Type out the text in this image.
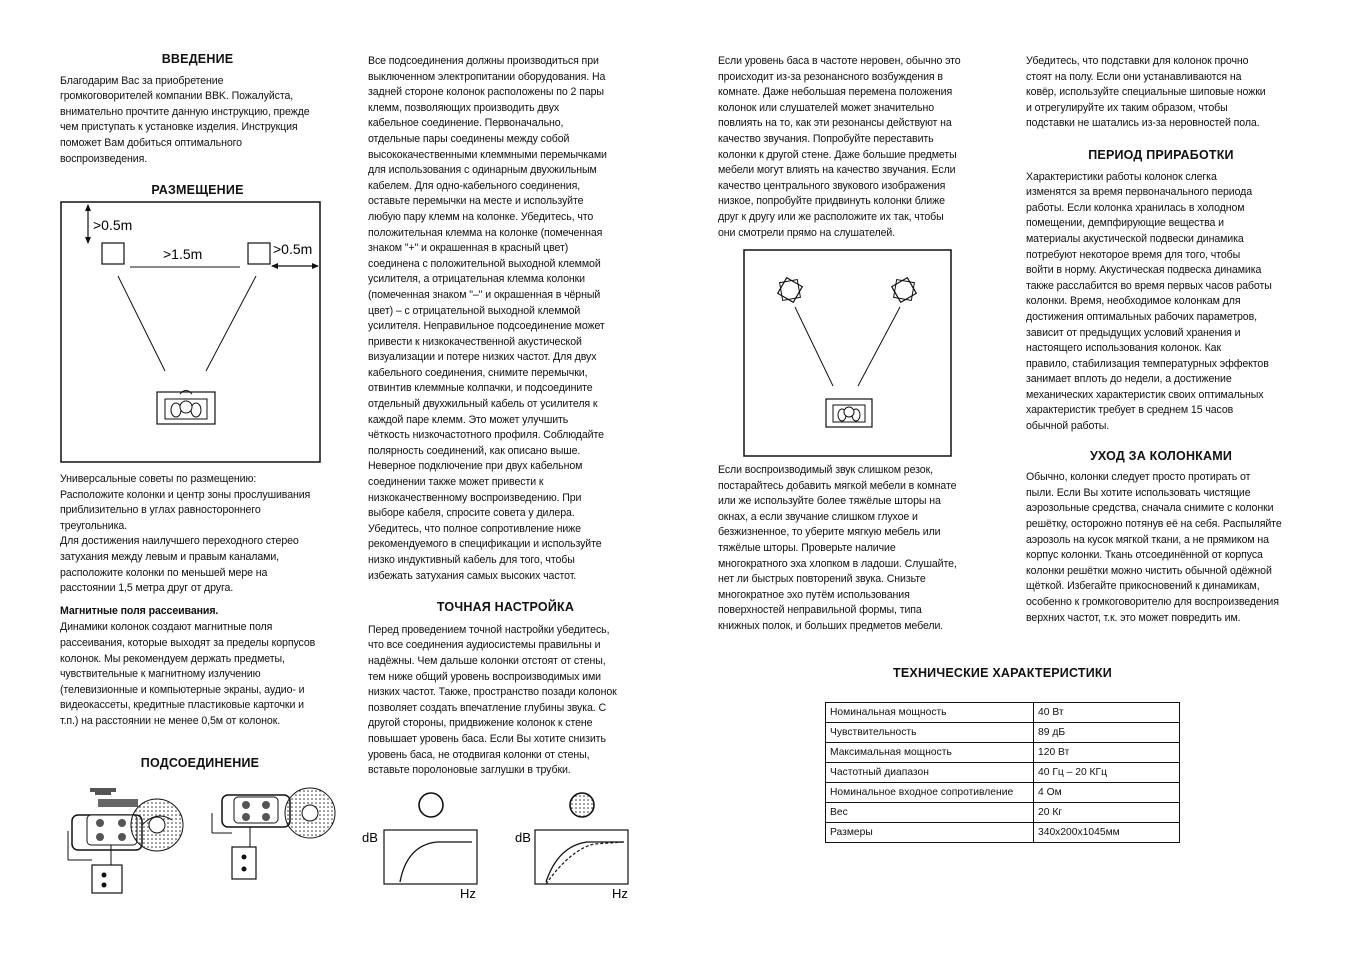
ВВЕДЕНИЕ

Благодарим Вас за приобретение
громкоговорителей компании BBK. Пожалуйста,
внимательно прочтите данную инструкцию, прежде
чем приступать к установке изделия. Инструкция
поможет Вам добиться оптимального
воспроизведения.

РАЗМЕЩЕНИЕ
>0.5m
>1.5m	>0.5m

Универсальные советы по размещению:
Расположите колонки и центр зоны прослушивания
приблизительно в углах равностороннего
треугольника.
Для достижения наилучшего переходного стерео
затухания между левым и правым каналами,
расположите колонки по меньшей мере на
расстоянии 1,5 метра друг от друга.

Магнитные поля рассеивания.

Динамики колонок создают магнитные поля
рассеивания, которые выходят за пределы корпусов
колонок. Мы рекомендуем держать предметы,
чувствительные к магнитному излучению
(телевизионные и компьютерные экраны, аудио- и
видеокассеты, кредитные пластиковые карточки и
т.п.) на расстоянии не менее 0,5м от колонок.

ПОДСОЕДИНЕНИЕ

Все подсоединения должны производиться при
выключенном электропитании оборудования. На
задней стороне колонок расположены по 2 пары
клемм, позволяющих производить двух
кабельное соединение. Первоначально,
отдельные пары соединены между собой
высококачественными клеммными перемычками
для использования с одинарным двухжильным
кабелем. Для одно-кабельного соединения,
оставьте перемычки на месте и используйте
любую пару клемм на колонке. Убедитесь, что
положительная клемма на колонке (помеченная
знаком "+" и окрашенная в красный цвет)
соединена с положительной выходной клеммой
усилителя, а отрицательная клемма колонки
(помеченная знаком "–" и окрашенная в чёрный
цвет) – с отрицательной выходной клеммой
усилителя. Неправильное подсоединение может
привести к низкокачественной акустической
визуализации и потере низких частот. Для двух
кабельного соединения, снимите перемычки,
отвинтив клеммные колпачки, и подсоедините
отдельный двухжильный кабель от усилителя к
каждой паре клемм. Это может улучшить
чёткость низкочастотного профиля. Соблюдайте
полярность соединений, как описано выше.
Неверное подключение при двух кабельном
соединении также может привести к
низкокачественному воспроизведению. При
выборе кабеля, спросите совета у дилера.
Убедитесь, что полное сопротивление ниже
рекомендуемого в спецификации и используйте
низко индуктивный кабель для того, чтобы
избежать затухания самых высоких частот.

ТОЧНАЯ НАСТРОЙКА

Перед проведением точной настройки убедитесь,
что все соединения аудиосистемы правильны и
надёжны. Чем дальше колонки отстоят от стены,
тем ниже общий уровень воспроизводимых ими
низких частот. Также, пространство позади колонок
позволяет создать впечатление глубины звука. С
другой стороны, придвижение колонок к стене
повышает уровень баса. Если Вы хотите снизить
уровень баса, не отодвигая колонки от стены,
вставьте поролоновые заглушки в трубки.

dB
Hz
dB
Hz

Если уровень баса в частоте неровен, обычно это
происходит из-за резонансного возбуждения в
комнате. Даже небольшая перемена положения
колонок или слушателей может значительно
повлиять на то, как эти резонансы действуют на
качество звучания. Попробуйте переставить
колонки к другой стене. Даже большие предметы
мебели могут влиять на качество звучания. Если
качество центрального звукового изображения
низкое, попробуйте придвинуть колонки ближе
друг к другу или же расположите их так, чтобы
они смотрели прямо на слушателей.

Если воспроизводимый звук слишком резок,
постарайтесь добавить мягкой мебели в комнате
или же используйте более тяжёлые шторы на
окнах, а если звучание слишком глухое и
безжизненное, то уберите мягкую мебель или
тяжёлые шторы. Проверьте наличие
многократного эха хлопком в ладоши. Слушайте,
нет ли быстрых повторений звука. Снизьте
многократное эхо путём использования
поверхностей неправильной формы, типа
книжных полок, и больших предметов мебели.

Убедитесь, что подставки для колонок прочно
стоят на полу. Если они устанавливаются на
ковёр, используйте специальные шиповые ножки
и отрегулируйте их таким образом, чтобы
подставки не шатались из-за неровностей пола.

ПЕРИОД ПРИРАБОТКИ

Характеристики работы колонок слегка
изменятся за время первоначального периода
работы. Если колонка хранилась в холодном
помещении, демпфирующие вещества и
материалы акустической подвески динамика
потребуют некоторое время для того, чтобы
войти в норму. Акустическая подвеска динамика
также расслабится во время первых часов работы
колонки. Время, необходимое колонкам для
достижения оптимальных рабочих параметров,
зависит от предыдущих условий хранения и
настоящего использования колонок. Как
правило, стабилизация температурных эффектов
занимает вплоть до недели, а достижение
механических характеристик своих оптимальных
характеристик требует в среднем 15 часов
обычной работы.

УХОД ЗА КОЛОНКАМИ

Обычно, колонки следует просто протирать от
пыли. Если Вы хотите использовать чистящие
аэрозольные средства, сначала снимите с колонки
решётку, осторожно потянув её на себя. Распыляйте
аэрозоль на кусок мягкой ткани, а не прямиком на
корпус колонки. Ткань отсоединённой от корпуса
колонки решётки можно чистить обычной одёжной
щёткой. Избегайте прикосновений к динамикам,
особенно к громкоговорителю для воспроизведения
верхних частот, т.к. это может повредить им.

ТЕХНИЧЕСКИЕ ХАРАКТЕРИСТИКИ
Номинальная мощность	40 Вт
Чувствительность	89 дБ
Максимальная мощность	120 Вт
Частотный диапазон	40 Гц – 20 КГц
Номинальное входное сопротивление	4 Ом
Вес	20 Кг
Размеры	340x200x1045мм
